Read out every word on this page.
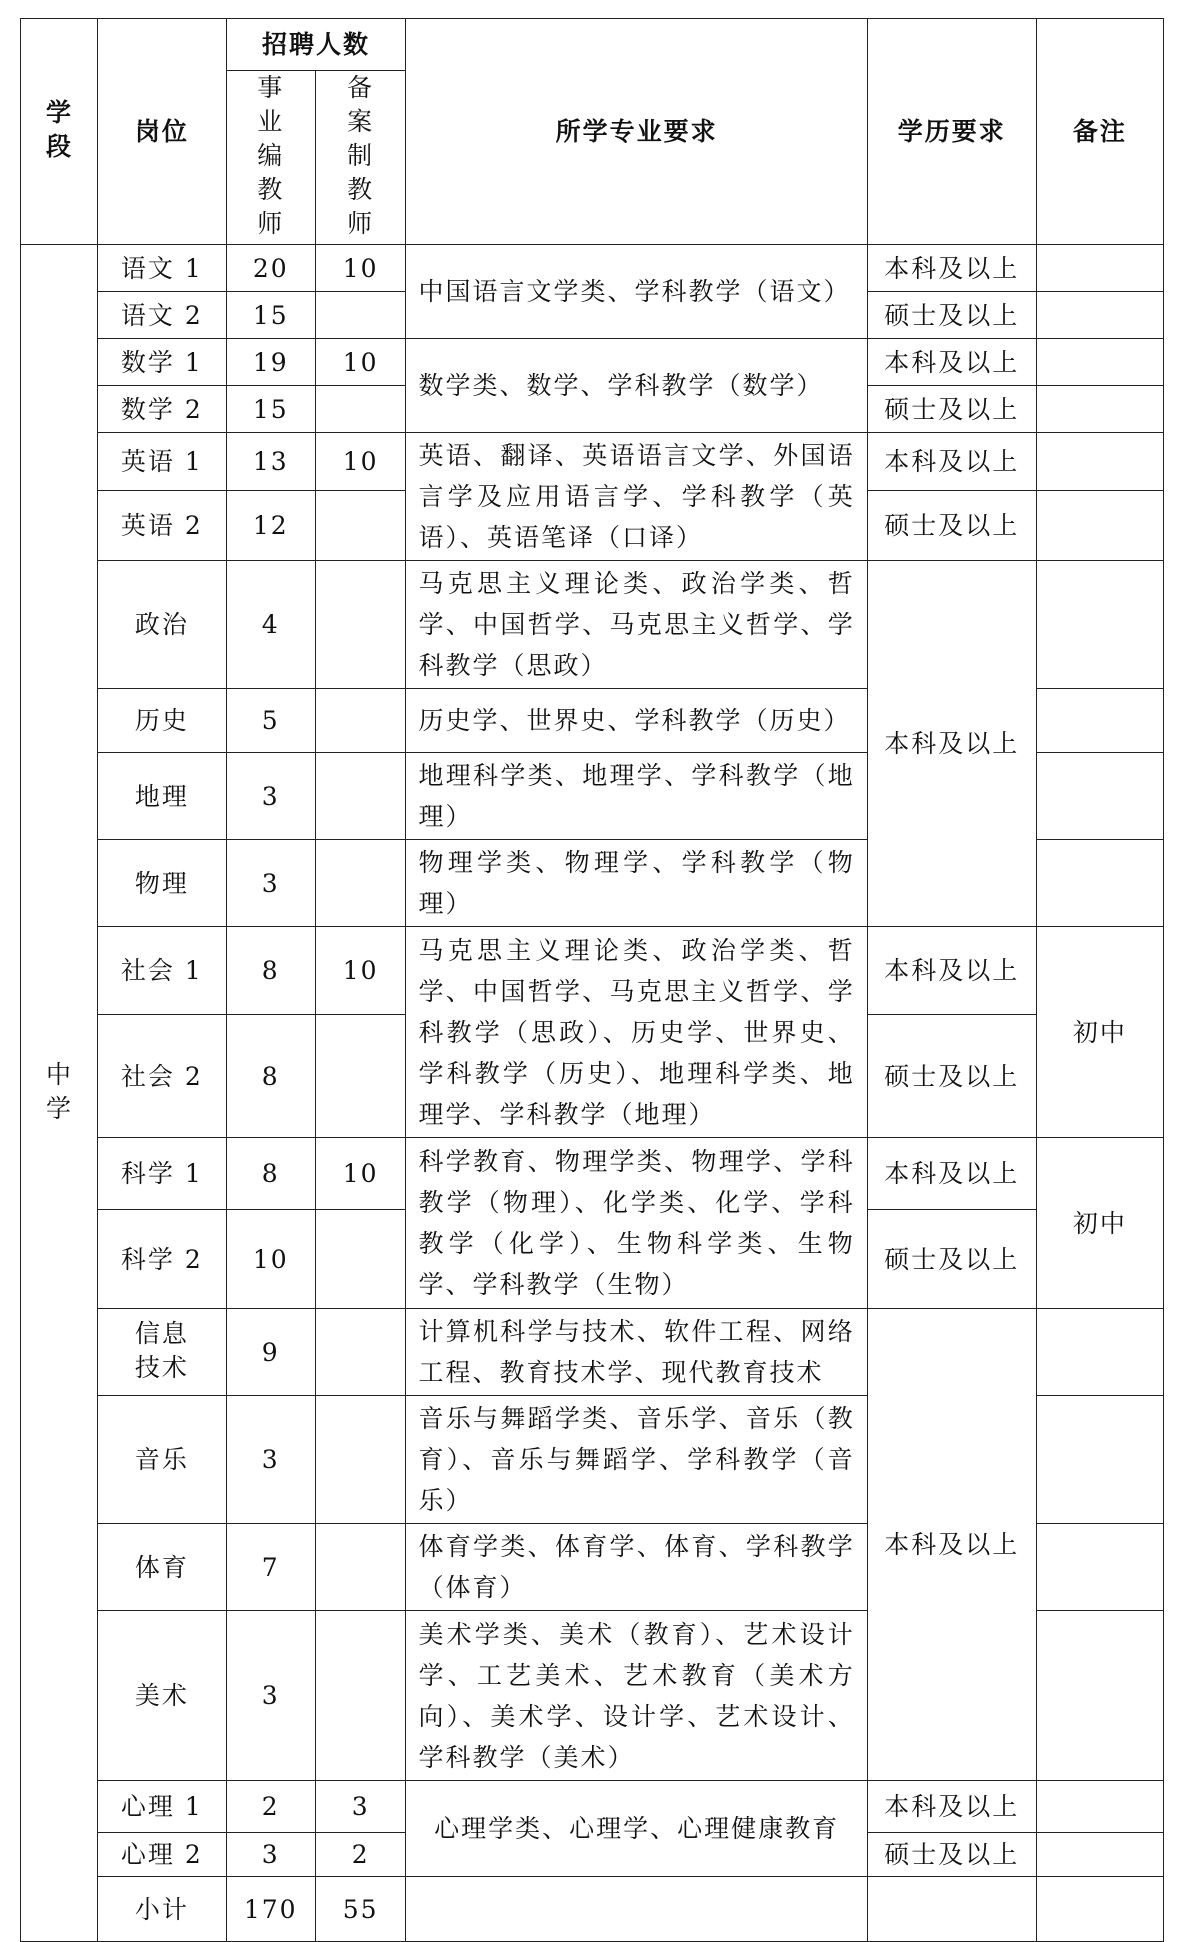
学段	岗位	招聘人数		所学专业要求	学历要求	备注
		事业编教师	备案制教师			
中学	语文 1	20	10	中国语言文学类、学科教学（语文）	本科及以上	
	语文 2	15			硕士及以上	
	数学 1	19	10	数学类、数学、学科教学（数学）	本科及以上	
	数学 2	15			硕士及以上	
	英语 1	13	10	英语、翻译、英语语言文学、外国语言学及应用语言学、学科教学（英语）、英语笔译（口译）	本科及以上	
	英语 2	12			硕士及以上	
	政治	4		马克思主义理论类、政治学类、哲学、中国哲学、马克思主义哲学、学科教学（思政）	本科及以上	
	历史	5		历史学、世界史、学科教学（历史）		
	地理	3		地理科学类、地理学、学科教学（地理）		
	物理	3		物理学类、物理学、学科教学（物理）		
	社会 1	8	10	马克思主义理论类、政治学类、哲学、中国哲学、马克思主义哲学、学科教学（思政）、历史学、世界史、学科教学（历史）、地理科学类、地理学、学科教学（地理）	本科及以上	初中
	社会 2	8			硕士及以上	
	科学 1	8	10	科学教育、物理学类、物理学、学科教学（物理）、化学类、化学、学科教学（化学）、生物科学类、生物学、学科教学（生物）	本科及以上	初中
	科学 2	10			硕士及以上	
	信息技术	9		计算机科学与技术、软件工程、网络工程、教育技术学、现代教育技术	本科及以上	
	音乐	3		音乐与舞蹈学类、音乐学、音乐（教育）、音乐与舞蹈学、学科教学（音乐）		
	体育	7		体育学类、体育学、体育、学科教学（体育）		
	美术	3		美术学类、美术（教育）、艺术设计学、工艺美术、艺术教育（美术方向）、美术学、设计学、艺术设计、学科教学（美术）		
	心理 1	2	3	心理学类、心理学、心理健康教育	本科及以上	
	心理 2	3	2		硕士及以上	
	小计	170	55			
